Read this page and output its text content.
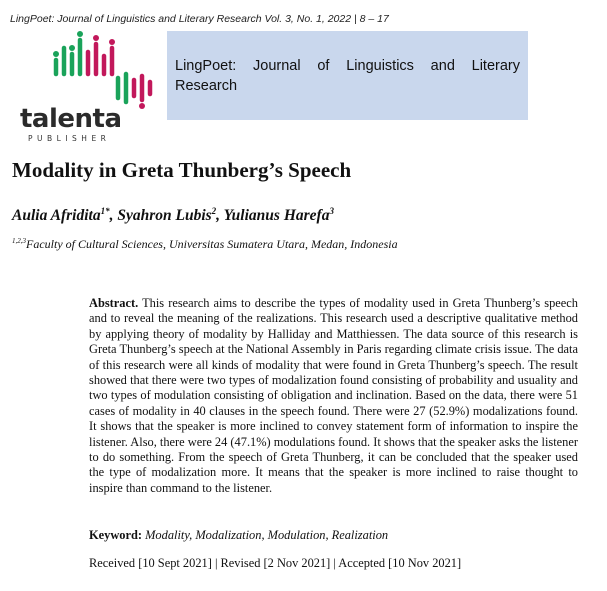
LingPoet: Journal of Linguistics and Literary Research Vol. 3, No. 1, 2022 | 8 – 17
talenta
PUBLISHER
LingPoet: Journal of Linguistics and Literary Research
Modality in Greta Thunberg’s Speech
Aulia Afridita$^{1*}$, Syahron Lubis$^2$, Yulianus Harefa$^3$
$^{1,2,3}$Faculty of Cultural Sciences, Universitas Sumatera Utara, Medan, Indonesia
Abstract. This research aims to describe the types of modality used in Greta Thunberg’s speech and to reveal the meaning of the realizations. This research used a descriptive qualitative method by applying theory of modality by Halliday and Matthiessen. The data source of this research is Greta Thunberg’s speech at the National Assembly in Paris regarding climate crisis issue. The data of this research were all kinds of modality that were found in Greta Thunberg’s speech. The result showed that there were two types of modalization found consisting of probability and usuality and two types of modulation consisting of obligation and inclination. Based on the data, there were 51 cases of modality in 40 clauses in the speech found. There were 27 (52.9%) modalizations found. It shows that the speaker is more inclined to convey statement form of information to inspire the listener. Also, there were 24 (47.1%) modulations found. It shows that the speaker asks the listener to do something. From the speech of Greta Thunberg, it can be concluded that the speaker used the type of modalization more. It means that the speaker is more inclined to raise thought to inspire than command to the listener.
Keyword: Modality, Modalization, Modulation, Realization
Received [10 Sept 2021] | Revised [2 Nov 2021] | Accepted [10 Nov 2021]
